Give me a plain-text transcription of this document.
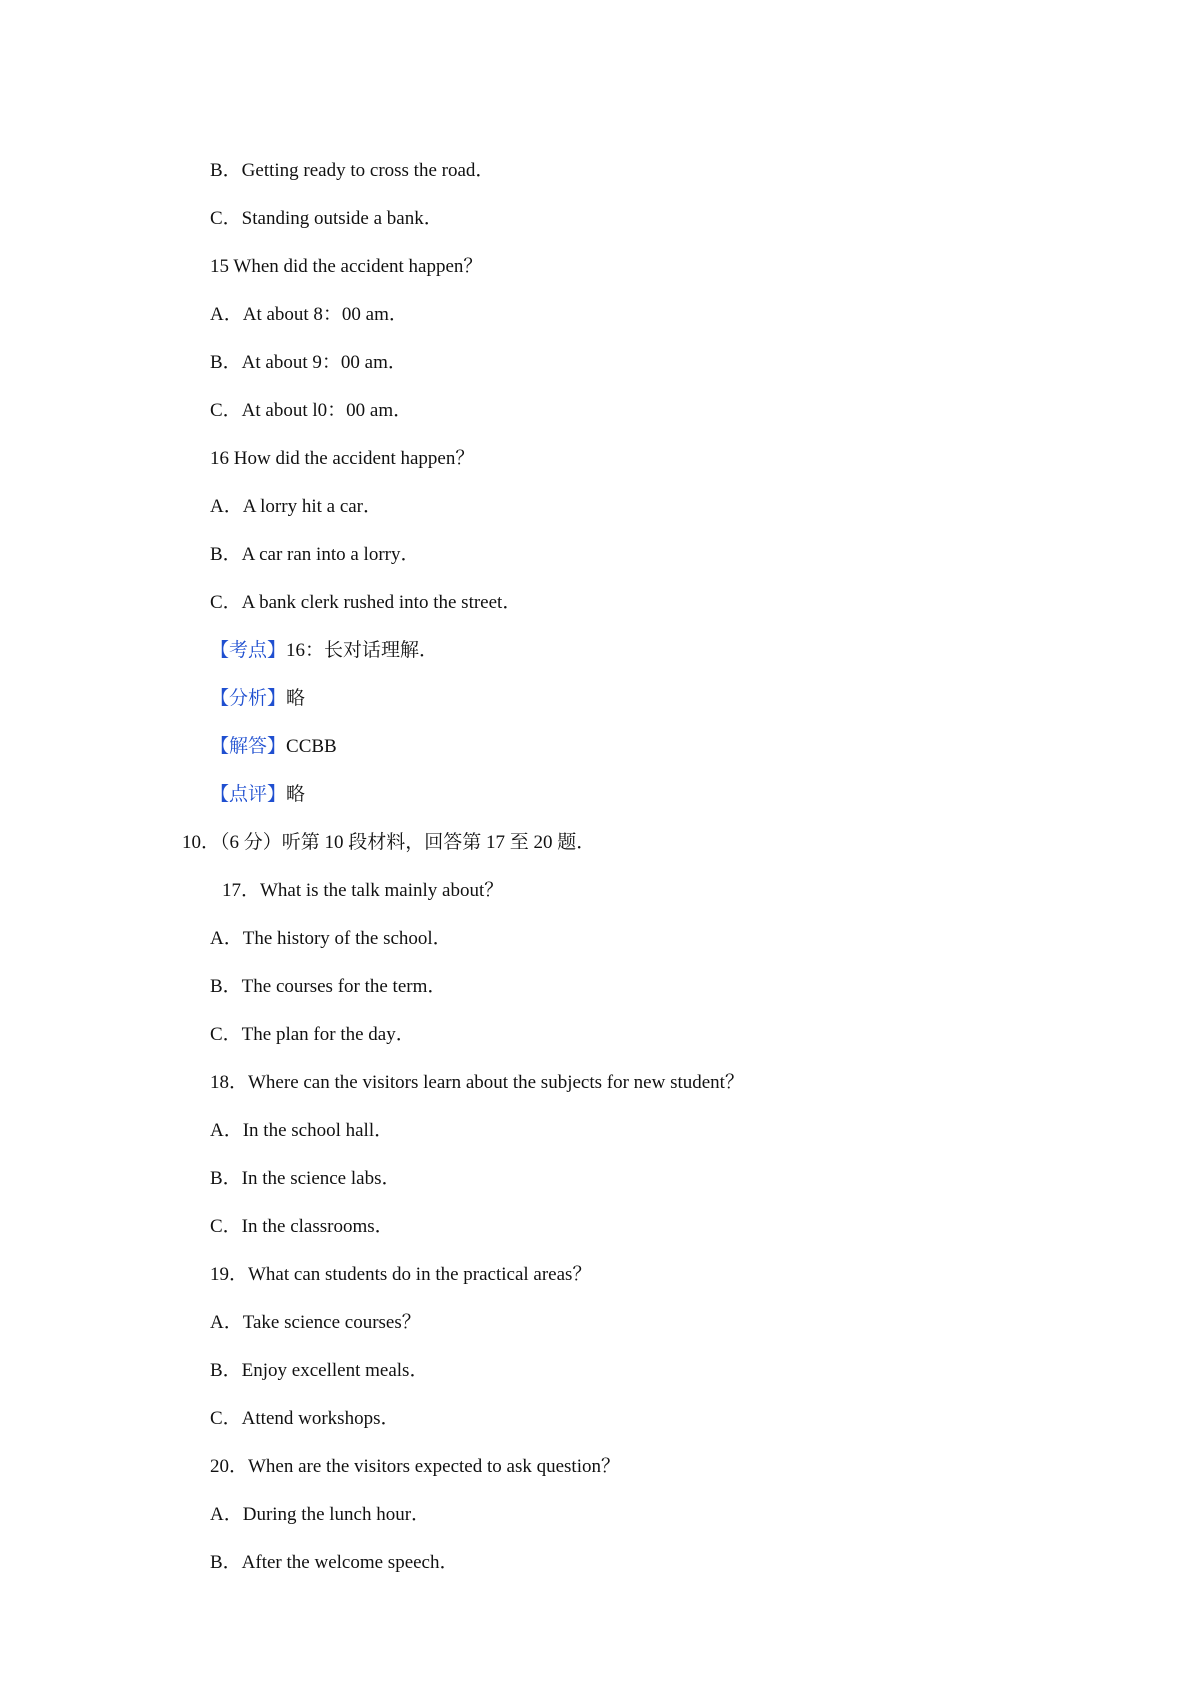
B．Getting ready to cross the road．
C．Standing outside a bank．
15 When did the accident happen？
A．At about 8：00 am．
B．At about 9：00 am．
C．At about l0：00 am．
16 How did the accident happen？
A．A lorry hit a car．
B．A car ran into a lorry．
C．A bank clerk rushed into the street．
【考点】16：长对话理解．
【分析】略
【解答】CCBB
【点评】略
10．（6 分）听第 10 段材料，回答第 17 至 20 题．
17．What is the talk mainly about？
A．The history of the school．
B．The courses for the term．
C．The plan for the day．
18．Where can the visitors learn about the subjects for new student？
A．In the school hall．
B．In the science labs．
C．In the classrooms．
19．What can students do in the practical areas？
A．Take science courses？
B．Enjoy excellent meals．
C．Attend workshops．
20．When are the visitors expected to ask question？
A．During the lunch hour．
B．After the welcome speech．
